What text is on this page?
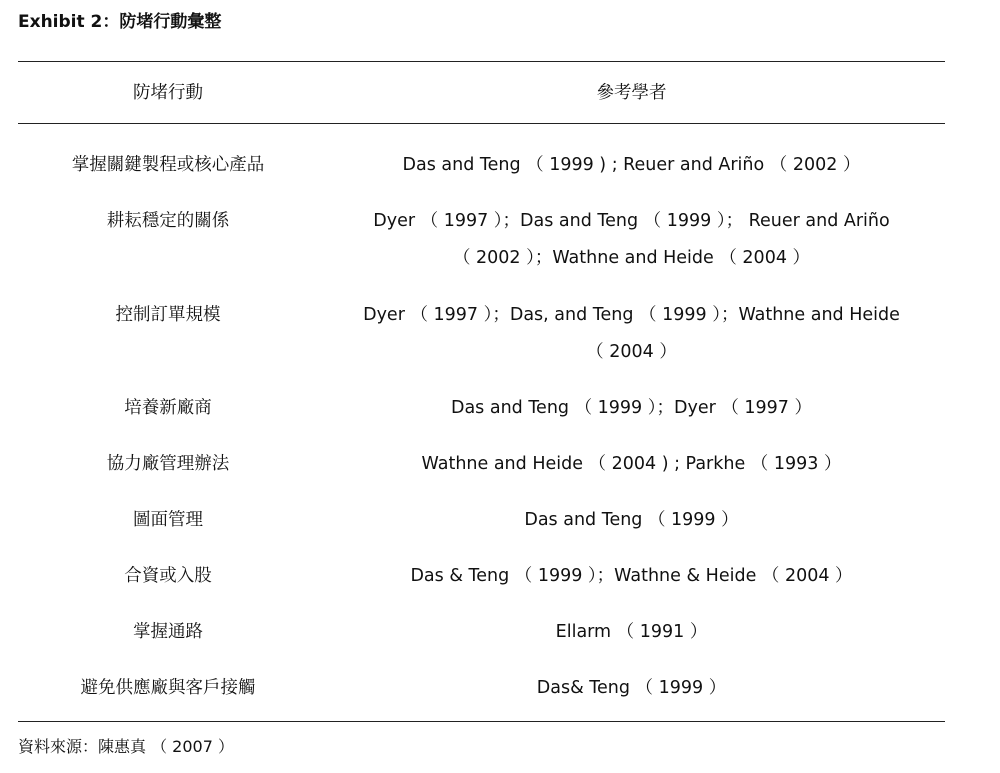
Exhibit 2：防堵行動彙整
防堵行動	參考學者
掌握關鍵製程或核心產品	Das and Teng （ 1999 ) ; Reuer and Ariño （ 2002 ）
耕耘穩定的關係	Dyer （ 1997 ）；Das and Teng （ 1999 ）； Reuer and Ariño
（ 2002 ）；Wathne and Heide （ 2004 ）
控制訂單規模	Dyer （ 1997 ）；Das, and Teng （ 1999 ）；Wathne and Heide
（ 2004 ）
培養新廠商	Das and Teng （ 1999 ）；Dyer （ 1997 ）
協力廠管理辦法	Wathne and Heide （ 2004 ) ; Parkhe （ 1993 ）
圖面管理	Das and Teng （ 1999 ）
合資或入股	Das & Teng （ 1999 ）；Wathne & Heide （ 2004 ）
掌握通路	Ellarm （ 1991 ）
避免供應廠與客戶接觸	Das& Teng （ 1999 ）
資料來源：陳惠真 （ 2007 ）
